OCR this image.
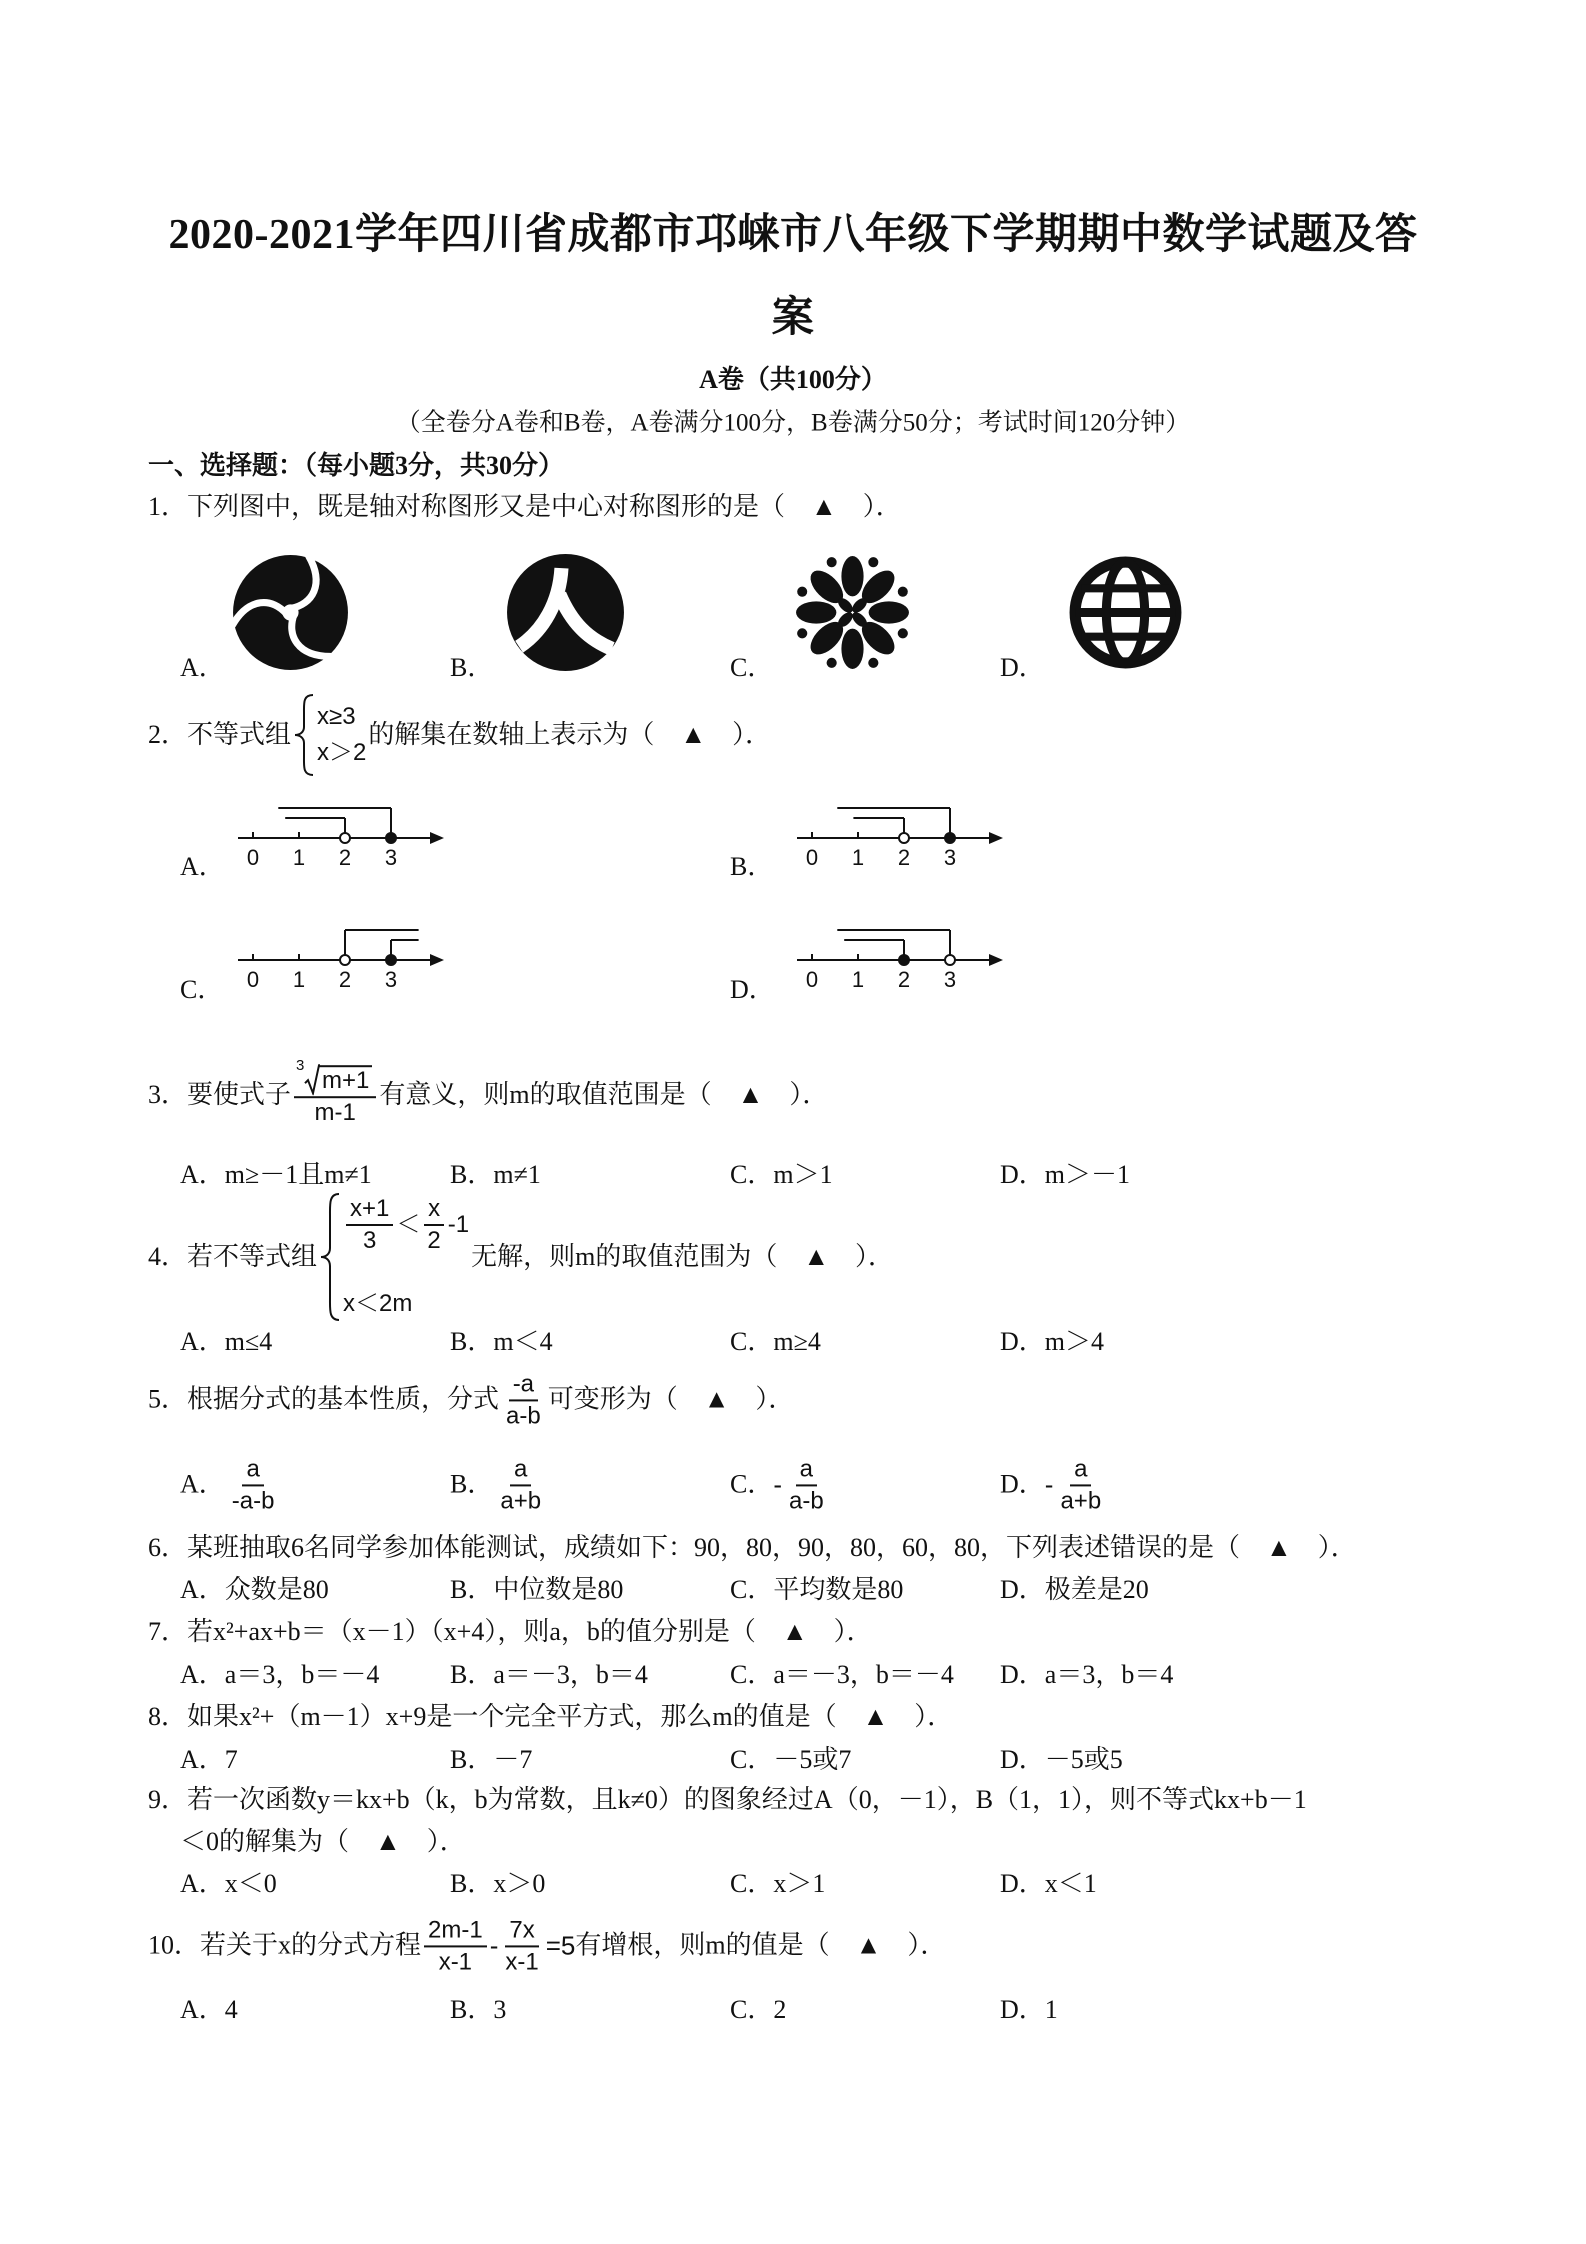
2020-2021学年四川省成都市邛崃市八年级下学期期中数学试题及答
案
A卷（共100分）
（全卷分A卷和B卷，A卷满分100分，B卷满分50分；考试时间120分钟）
一、选择题：（每小题3分，共30分）
1．下列图中，既是轴对称图形又是中心对称图形的是（　▲　）．
A．	B．	C．	D．
2．不等式组
x≥3
x＞2
的解集在数轴上表示为（　▲　）．
A． 0 1 2 3	B． 0 1 2 3
C． 0 1 2 3	D． 0 1 2 3
3．要使式子 3
m+1
m-1 有意义，则m的取值范围是（　▲　）．
A．m≥－1且m≠1	B．m≠1	C．m＞1	D．m＞－1
4．若不等式组
$\frac{x+1}{3} < \frac{x}{2} -1$
x＜2m
无解，则m的取值范围为（　▲　）．
A．m≤4	B．m＜4	C．m≥4	D．m＞4
5．根据分式的基本性质，分式 $\frac{-a}{a-b}$ 可变形为（　▲　）．
A． $\frac{a}{-a-b}$	B． $\frac{a}{a+b}$	C． - $\frac{a}{a-b}$	D． - $\frac{a}{a+b}$
6．某班抽取6名同学参加体能测试，成绩如下：90，80，90，80，60，80，下列表述错误的是（　▲　）．
A．众数是80	B．中位数是80	C．平均数是80	D．极差是20
7．若x²+ax+b＝（x－1）（x+4），则a，b的值分别是（　▲　）．
A．a＝3，b＝－4	B．a＝－3，b＝4	C．a＝－3，b＝－4 D．a＝3，b＝4
8．如果x²+（m－1）x+9是一个完全平方式，那么m的值是（　▲　）．
A．7	B．－7	C．－5或7	D．－5或5
9．若一次函数y＝kx+b（k，b为常数，且k≠0）的图象经过A（0，－1），B（1，1），则不等式kx+b－1
＜0的解集为（　▲　）．
A．x＜0	B．x＞0	C．x＞1	D．x＜1
10．若关于x的分式方程 $\frac{2m-1}{x-1} - \frac{7x}{x-1} =5$ 有增根，则m的值是（　▲　）．
A．4	B．3	C．2	D．1
